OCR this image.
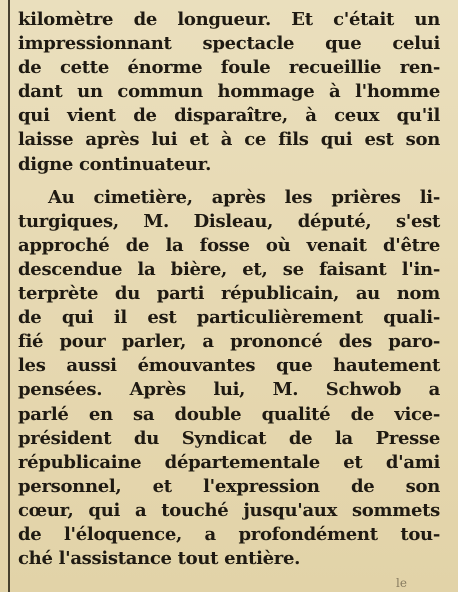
kilomètre de longueur. Et c'était un
impressionnant spectacle que celui
de cette énorme foule recueillie ren-
dant un commun hommage à l'homme
qui vient de disparaître, à ceux qu'il
laisse après lui et à ce fils qui est son
digne continuateur.

Au cimetière, après les prières li-
turgiques, M. Disleau, député, s'est
approché de la fosse où venait d'être
descendue la bière, et, se faisant l'in-
terprète du parti républicain, au nom
de qui il est particulièrement quali-
fié pour parler, a prononcé des paro-
les aussi émouvantes que hautement
pensées. Après lui, M. Schwob a
parlé en sa double qualité de vice-
président du Syndicat de la Presse
républicaine départementale et d'ami
personnel, et l'expression de son
cœur, qui a touché jusqu'aux sommets
de l'éloquence, a profondément tou-
ché l'assistance tout entière.

le
